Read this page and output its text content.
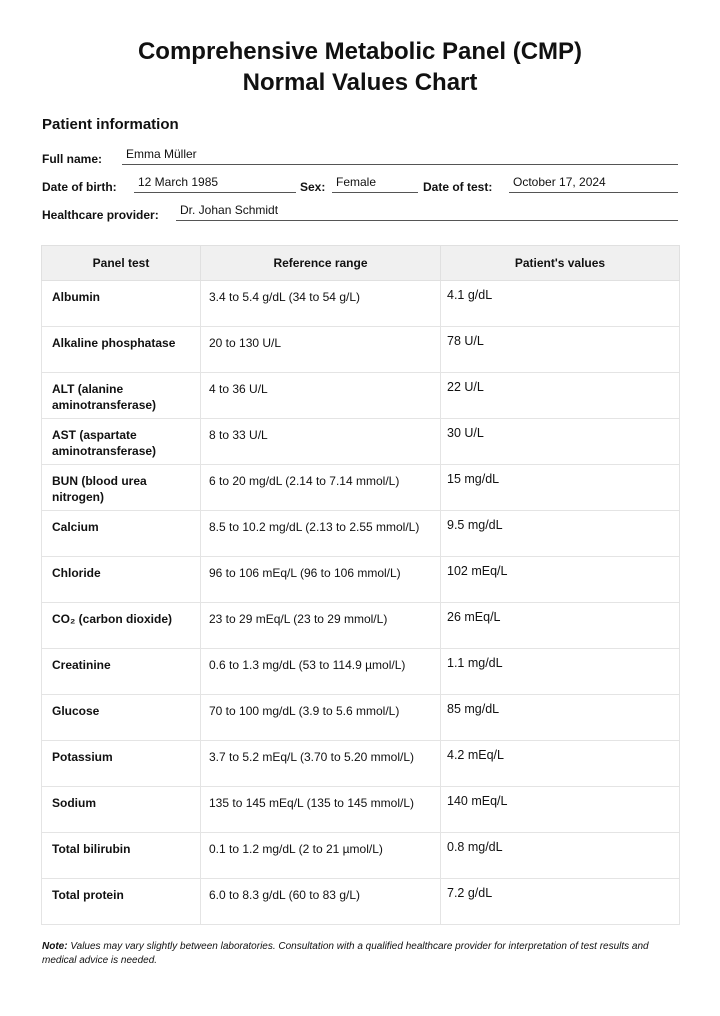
Comprehensive Metabolic Panel (CMP)
Normal Values Chart
Patient information
Full name:	Emma Müller
Date of birth:	12 March 1985	Sex: Female	Date of test:	October 17, 2024
Healthcare provider:	Dr. Johan Schmidt
Panel test	Reference range	Patient's values
Albumin	3.4 to 5.4 g/dL (34 to 54 g/L)	4.1 g/dL
Alkaline phosphatase	20 to 130 U/L	78 U/L
ALT (alanine aminotransferase)	4 to 36 U/L	22 U/L
AST (aspartate aminotransferase)	8 to 33 U/L	30 U/L
BUN (blood urea nitrogen)	6 to 20 mg/dL (2.14 to 7.14 mmol/L)	15 mg/dL
Calcium	8.5 to 10.2 mg/dL (2.13 to 2.55 mmol/L)	9.5 mg/dL
Chloride	96 to 106 mEq/L (96 to 106 mmol/L)	102 mEq/L
CO₂ (carbon dioxide)	23 to 29 mEq/L (23 to 29 mmol/L)	26 mEq/L
Creatinine	0.6 to 1.3 mg/dL (53 to 114.9 µmol/L)	1.1 mg/dL
Glucose	70 to 100 mg/dL (3.9 to 5.6 mmol/L)	85 mg/dL
Potassium	3.7 to 5.2 mEq/L (3.70 to 5.20 mmol/L)	4.2 mEq/L
Sodium	135 to 145 mEq/L (135 to 145 mmol/L)	140 mEq/L
Total bilirubin	0.1 to 1.2 mg/dL (2 to 21 µmol/L)	0.8 mg/dL
Total protein	6.0 to 8.3 g/dL (60 to 83 g/L)	7.2 g/dL
Note: Values may vary slightly between laboratories. Consultation with a qualified healthcare provider for interpretation of test results and medical advice is needed.
